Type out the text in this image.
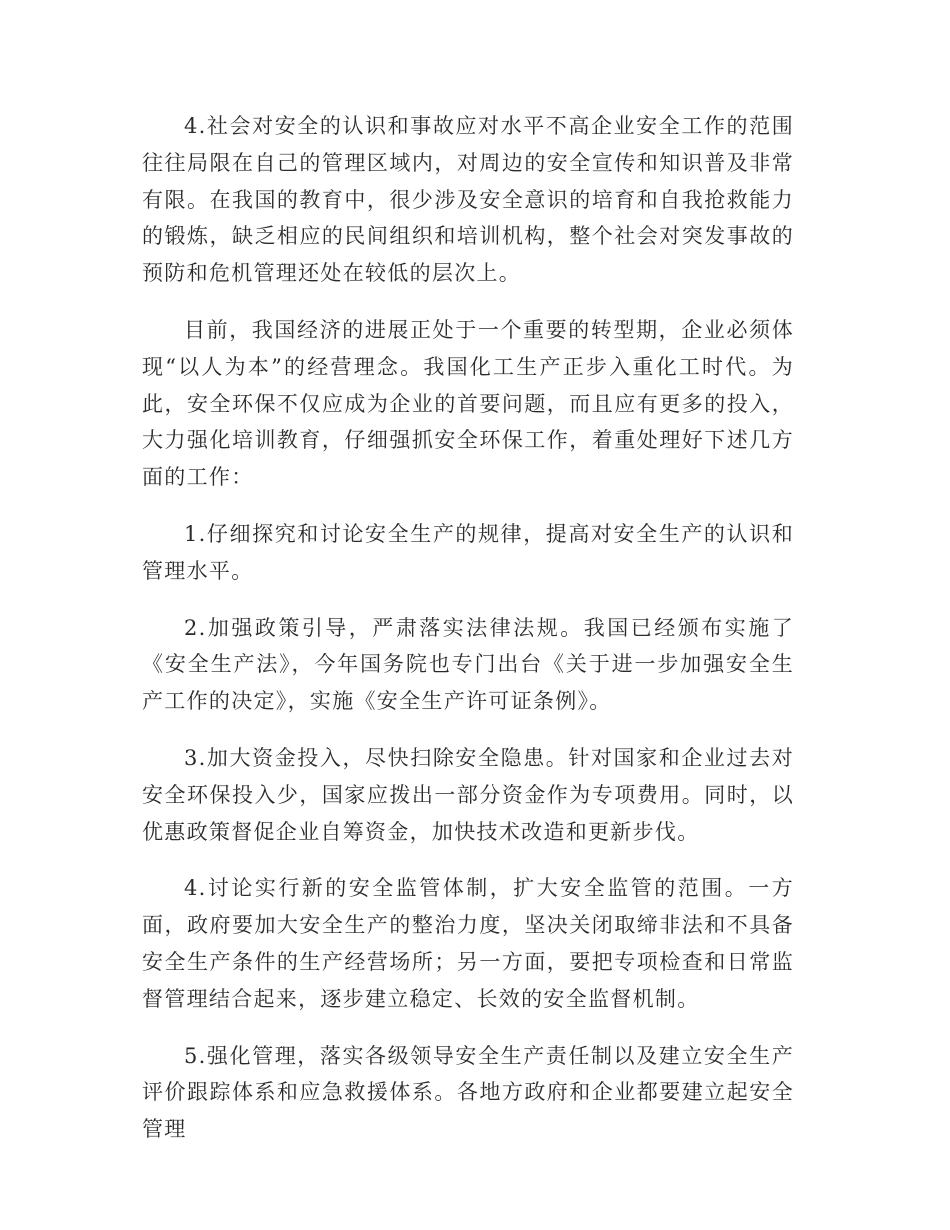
4.社会对安全的认识和事故应对水平不高企业安全工作的范围往往局限在自己的管理区域内，对周边的安全宣传和知识普及非常有限。在我国的教育中，很少涉及安全意识的培育和自我抢救能力的锻炼，缺乏相应的民间组织和培训机构，整个社会对突发事故的预防和危机管理还处在较低的层次上。

目前，我国经济的进展正处于一个重要的转型期，企业必须体现“以人为本”的经营理念。我国化工生产正步入重化工时代。为此，安全环保不仅应成为企业的首要问题，而且应有更多的投入，大力强化培训教育，仔细强抓安全环保工作，着重处理好下述几方面的工作：

1.仔细探究和讨论安全生产的规律，提高对安全生产的认识和管理水平。

2.加强政策引导，严肃落实法律法规。我国已经颁布实施了《安全生产法》，今年国务院也专门出台《关于进一步加强安全生产工作的决定》，实施《安全生产许可证条例》。

3.加大资金投入，尽快扫除安全隐患。针对国家和企业过去对安全环保投入少，国家应拨出一部分资金作为专项费用。同时，以优惠政策督促企业自筹资金，加快技术改造和更新步伐。

4.讨论实行新的安全监管体制，扩大安全监管的范围。一方面，政府要加大安全生产的整治力度，坚决关闭取缔非法和不具备安全生产条件的生产经营场所；另一方面，要把专项检查和日常监督管理结合起来，逐步建立稳定、长效的安全监督机制。

5.强化管理，落实各级领导安全生产责任制以及建立安全生产评价跟踪体系和应急救援体系。各地方政府和企业都要建立起安全管理
